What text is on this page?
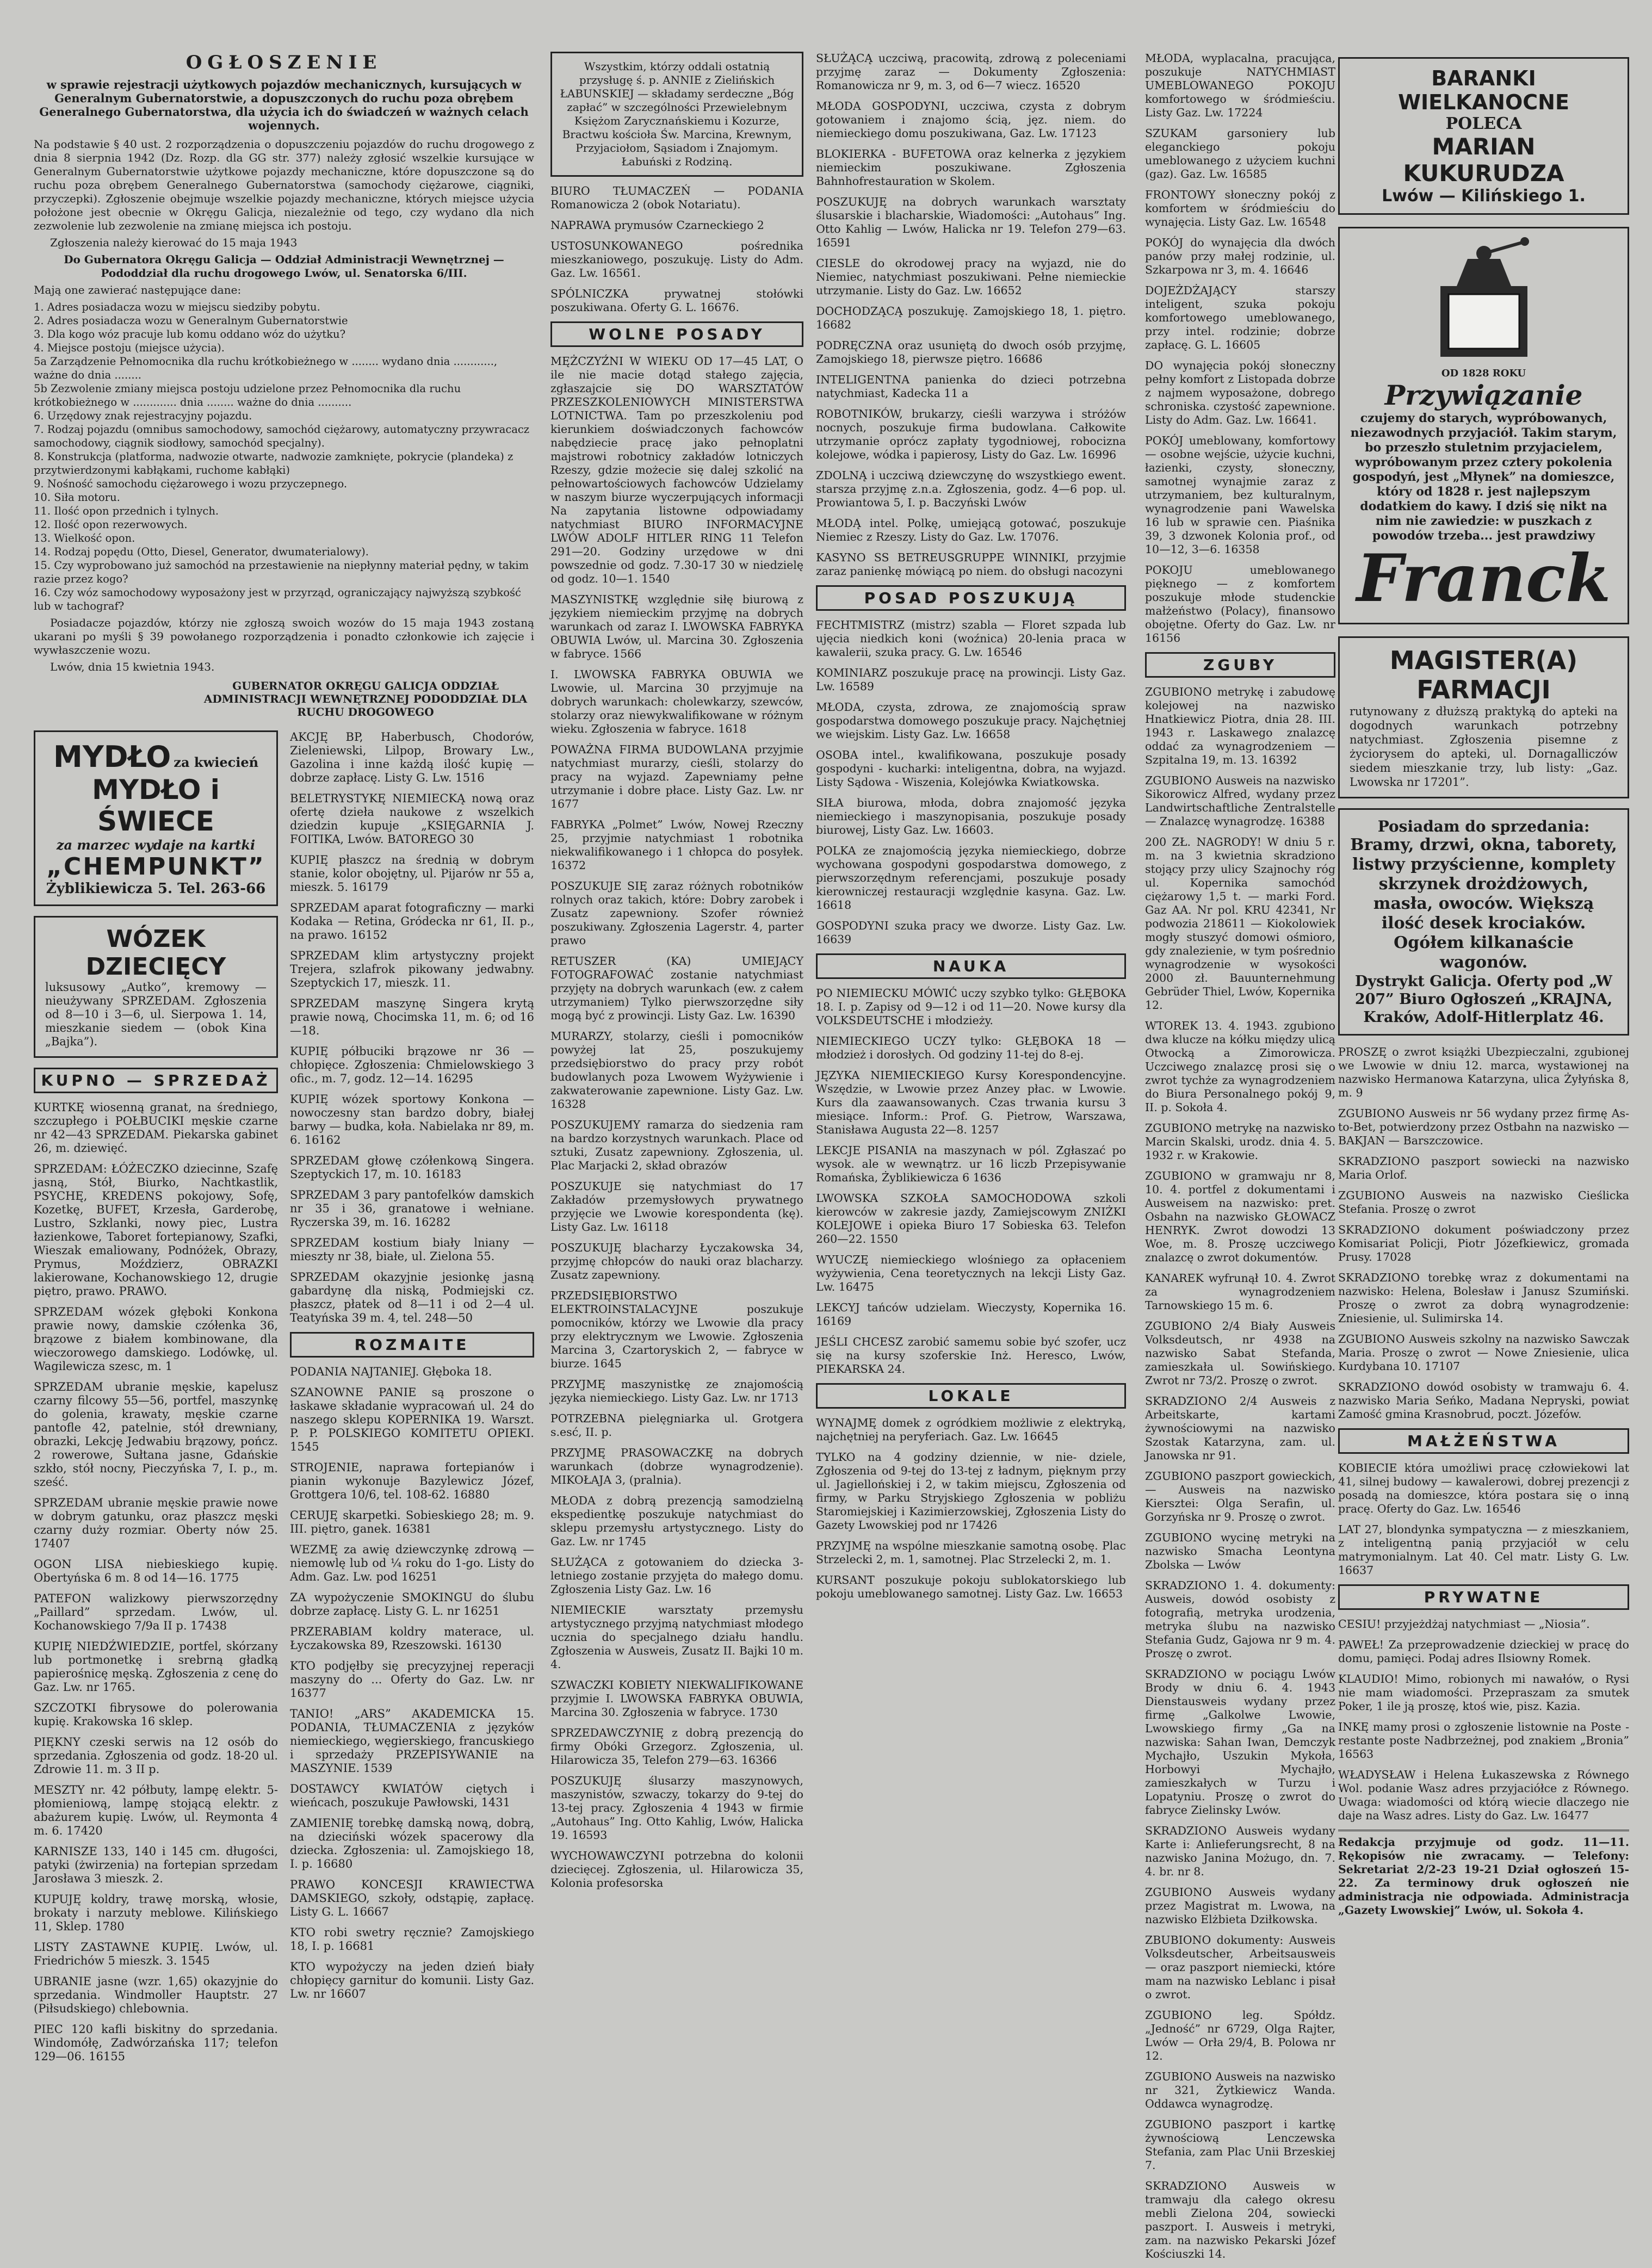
OGŁOSZENIE
w sprawie rejestracji użytkowych pojazdów mechanicznych, kursujących w Generalnym Gubernatorstwie, a dopuszczonych do ruchu poza obrębem Generalnego Gubernatorstwa, dla użycia ich do świadczeń w ważnych celach wojennych.

Na podstawie § 40 ust. 2 rozporządzenia o dopuszczeniu pojazdów do ruchu drogowego z dnia 8 sierpnia 1942 (Dz. Rozp. dla GG str. 377) należy zgłosić wszelkie kursujące w Generalnym Gubernatorstwie użytkowe pojazdy mechaniczne, które dopuszczone są do ruchu poza obrębem Generalnego Gubernatorstwa (samochody ciężarowe, ciągniki, przyczepki). Zgłoszenie obejmuje wszelkie pojazdy mechaniczne, których miejsce użycia położone jest obecnie w Okręgu Galicja, niezależnie od tego, czy wydano dla nich zezwolenie lub zezwolenie na zmianę miejsca ich postoju.

Zgłoszenia należy kierować do 15 maja 1943

Do Gubernatora Okręgu Galicja — Oddział Administracji Wewnętrznej — Pododdział dla ruchu drogowego Lwów, ul. Senatorska 6/III.

Mają one zawierać następujące dane:

1. Adres posiadacza wozu w miejscu siedziby pobytu.
2. Adres posiadacza wozu w Generalnym Gubernatorstwie
3. Dla kogo wóz pracuje lub komu oddano wóz do użytku?
4. Miejsce postoju (miejsce użycia).
5a Zarządzenie Pełnomocnika dla ruchu krótkobieżnego w ........ wydano dnia ............, ważne do dnia ........
5b Zezwolenie zmiany miejsca postoju udzielone przez Pełnomocnika dla ruchu krótkobieżnego w ............. dnia ........ ważne do dnia ..........
6. Urzędowy znak rejestracyjny pojazdu.
7. Rodzaj pojazdu (omnibus samochodowy, samochód ciężarowy, automatyczny przywracacz samochodowy, ciągnik siodłowy, samochód specjalny).
8. Konstrukcja (platforma, nadwozie otwarte, nadwozie zamknięte, pokrycie (plandeka) z przytwierdzonymi kabłąkami, ruchome kabłąki)
9. Nośność samochodu ciężarowego i wozu przyczepnego.
10. Siła motoru.
11. Ilość opon przednich i tylnych.
12. Ilość opon rezerwowych.
13. Wielkość opon.
14. Rodzaj popędu (Otto, Diesel, Generator, dwumaterialowy).
15. Czy wyprobowano już samochód na przestawienie na niepłynny materiał pędny, w takim razie przez kogo?
16. Czy wóz samochodowy wyposażony jest w przyrząd, ograniczający najwyższą szybkość lub w tachograf?

Posiadacze pojazdów, którzy nie zgłoszą swoich wozów do 15 maja 1943 zostaną ukarani po myśli § 39 powołanego rozporządzenia i ponadto członkowie ich zajęcie i wywłaszczenie wozu.

Lwów, dnia 15 kwietnia 1943.

GUBERNATOR OKRĘGU GALICJA ODDZIAŁ ADMINISTRACJI WEWNĘTRZNEJ PODODDZIAŁ DLA RUCHU DROGOWEGO
MYDŁO za kwiecień
MYDŁO i ŚWIECE
za marzec wydaje na kartki
„CHEMPUNKT”
Żyblikiewicza 5. Tel. 263-66
WÓZEK DZIECIĘCY
luksusowy „Autko”, kremowy — nieużywany SPRZEDAM. Zgłoszenia od 8—10 i 3—6, ul. Sierpowa 1. 14, mieszkanie siedem — (obok Kina „Bajka”).
KUPNO — SPRZEDAŻ
KURTKĘ wiosenną granat, na średniego, szczupłego i POŁBUCIKI męskie czarne nr 42—43 SPRZEDAM. Piekarska gabinet 26, m. dziewięć.
SPRZEDAM: ŁÓŻECZKO dziecinne, Szafę jasną, Stół, Biurko, Nachtkastlik, PSYCHĘ, KREDENS pokojowy, Sofę, Kozetkę, BUFET, Krzesła, Garderobę, Lustro, Szklanki, nowy piec, Lustra łazienkowe, Taboret fortepianowy, Szafki, Wieszak emaliowany, Podnóżek, Obrazy, Prymus, Moździerz, OBRAZKI lakierowane, Kochanowskiego 12, drugie piętro, prawo. PRAWO.
SPRZEDAM wózek głęboki Konkona prawie nowy, damskie czółenka 36, brązowe z białem kombinowane, dla wieczorowego damskiego. Lodówkę, ul. Wagilewicza szesc, m. 1
SPRZEDAM ubranie męskie, kapelusz czarny filcowy 55—56, portfel, maszynkę do golenia, krawaty, męskie czarne pantofle 42, patelnie, stół drewniany, obrazki, Lekcję Jedwabiu brązowy, pończ. 2 rowerowe, Sułtana jasne, Gdańskie szkło, stół nocny, Pieczyńska 7, I. p., m. sześć.
SPRZEDAM ubranie męskie prawie nowe w dobrym gatunku, oraz płaszcz męski czarny duży rozmiar. Oberty nów 25. 17407
OGON LISA niebieskiego kupię. Obertyńska 6 m. 8 od 14—16. 1775
PATEFON walizkowy pierwszorzędny „Paillard” sprzedam. Lwów, ul. Kochanowskiego 7/9a II p. 17438
KUPIĘ NIEDŹWIEDZIE, portfel, skórzany lub portmonetkę i srebrną gładką papierośnicę męską. Zgłoszenia z cenę do Gaz. Lw. nr 1765.
SZCZOTKI fibrysowe do polerowania kupię. Krakowska 16 sklep.
PIĘKNY czeski serwis na 12 osób do sprzedania. Zgłoszenia od godz. 18-20 ul. Zdrowie 11. m. 3 II p.
MESZTY nr. 42 półbuty, lampę elektr. 5-płomieniową, lampę stojącą elektr. z abażurem kupię. Lwów, ul. Reymonta 4 m. 6. 17420
KARNISZE 133, 140 i 145 cm. długości, patyki (żwirzenia) na fortepian sprzedam Jarosława 3 mieszk. 2.
KUPUJĘ koldry, trawę morską, włosie, brokaty i narzuty meblowe. Kilińskiego 11, Sklep. 1780
LISTY ZASTAWNE KUPIĘ. Lwów, ul. Friedrichów 5 mieszk. 3. 1545
UBRANIE jasne (wzr. 1,65) okazyjnie do sprzedania. Windmoller Hauptstr. 27 (Piłsudskiego) chlebownia.
PIEC 120 kafli biskitny do sprzedania. Windomółę, Zadwórzańska 117; telefon 129—06. 16155
AKCJĘ BP, Haberbusch, Chodorów, Zieleniewski, Lilpop, Browary Lw., Gazolina i inne każdą ilość kupię — dobrze zapłacę. Listy G. Lw. 1516
BELETRYSTYKĘ NIEMIECKĄ nową oraz ofertę dzieła naukowe z wszelkich dziedzin kupuje „KSIĘGARNIA J. FOITIKA, Lwów. BATOREGO 30
KUPIĘ płaszcz na średnią w dobrym stanie, kolor obojętny, ul. Pijarów nr 55 a, mieszk. 5. 16179
SPRZEDAM aparat fotograficzny — marki Kodaka — Retina, Gródecka nr 61, II. p., na prawo. 16152
SPRZEDAM klim artystyczny projekt Trejera, szlafrok pikowany jedwabny. Szeptyckich 17, mieszk. 11.
SPRZEDAM maszynę Singera krytą prawie nową, Chocimska 11, m. 6; od 16—18.
KUPIĘ półbuciki brązowe nr 36 — chłopięce. Zgłoszenia: Chmielowskiego 3 ofic., m. 7, godz. 12—14. 16295
KUPIĘ wózek sportowy Konkona — nowoczesny stan bardzo dobry, białej barwy — budka, koła. Nabielaka nr 89, m. 6. 16162
SPRZEDAM głowę czółenkową Singera. Szeptyckich 17, m. 10. 16183
SPRZEDAM 3 pary pantofelków damskich nr 35 i 36, granatowe i wełniane. Ryczerska 39, m. 16. 16282
SPRZEDAM kostium biały lniany — mieszty nr 38, białe, ul. Zielona 55.
SPRZEDAM okazyjnie jesionkę jasną gabardynę dla niską, Podmiejski cz. płaszcz, płatek od 8—11 i od 2—4 ul. Teatyńska 39 m. 4, tel. 248—50
ROZMAITE
PODANIA NAJTANIEJ. Głęboka 18.
SZANOWNE PANIE są proszone o łaskawe składanie wypracowań ul. 24 do naszego sklepu KOPERNIKA 19. Warszt. P. P. POLSKIEGO KOMITETU OPIEKI. 1545
STROJENIE, naprawa fortepianów i pianin wykonuje Bazylewicz Józef, Grottgera 10/6, tel. 108-62. 16880
CERUJĘ skarpetki. Sobieskiego 28; m. 9. III. piętro, ganek. 16381
WEZMĘ za awię dziewczynkę zdrową — niemowlę lub od ¼ roku do 1-go. Listy do Adm. Gaz. Lw. pod 16251
ZA wypożyczenie SMOKINGU do ślubu dobrze zapłacę. Listy G. L. nr 16251
PRZERABIAM koldry materace, ul. Łyczakowska 89, Rzeszowski. 16130
KTO podjęłby się precyzyjnej reperacji maszyny do ... Oferty do Gaz. Lw. nr 16377
TANIO! „ARS” AKADEMICKA 15. PODANIA, TŁUMACZENIA z języków niemieckiego, węgierskiego, francuskiego i sprzedaży PRZEPISYWANIE na MASZYNIE. 1539
DOSTAWCY KWIATÓW ciętych i wieńcach, poszukuje Pawłowski, 1431
ZAMIENIĘ torebkę damską nową, dobrą, na dzieciński wózek spacerowy dla dziecka. Zgłoszenia: ul. Zamojskiego 18, I. p. 16680
PRAWO KONCESJI KRAWIECTWA DAMSKIEGO, szkoły, odstąpię, zapłacę. Listy G. L. 16667
KTO robi swetry ręcznie? Zamojskiego 18, I. p. 16681
KTO wypożyczy na jeden dzień biały chłopięcy garnitur do komunii. Listy Gaz. Lw. nr 16607
Wszystkim, którzy oddali ostatnią przysługę ś. p. ANNIE z Zielińskich ŁABUNSKIEJ — składamy serdeczne „Bóg zapłać” w szczególności Przewielebnym Księżom Zarycznańskiemu i Kozurze, Bractwu kościoła Św. Marcina, Krewnym, Przyjaciołom, Sąsiadom i Znajomym. Łabuński z Rodziną.
BIURO TŁUMACZEŃ — PODANIA Romanowicza 2 (obok Notariatu).
NAPRAWA prymusów Czarneckiego 2
USTOSUNKOWANEGO pośrednika mieszkaniowego, poszukuję. Listy do Adm. Gaz. Lw. 16561.
SPÓLNICZKA prywatnej stołówki poszukiwana. Oferty G. L. 16676.
WOLNE POSADY
MĘŻCZYŹNI W WIEKU OD 17—45 LAT, O ile nie macie dotąd stałego zajęcia, zgłaszajcie się DO WARSZTATÓW PRZESZKOLENIOWYCH MINISTERSTWA LOTNICTWA. Tam po przeszkoleniu pod kierunkiem doświadczonych fachowców nabędziecie pracę jako pełnoplatni majstrowi robotnicy zakładów lotniczych Rzeszy, gdzie możecie się dalej szkolić na pełnowartościowych fachowców Udzielamy w naszym biurze wyczerpujących informacji Na zapytania listowne odpowiadamy natychmiast BIURO INFORMACYJNE LWÓW ADOLF HITLER RING 11 Telefon 291—20. Godziny urzędowe w dni powszednie od godz. 7.30-17 30 w niedzielę od godz. 10—1. 1540
MASZYNISTKĘ względnie siłę biurową z językiem niemieckim przyjmę na dobrych warunkach od zaraz I. LWOWSKA FABRYKA OBUWIA Lwów, ul. Marcina 30. Zgłoszenia w fabryce. 1566
I. LWOWSKA FABRYKA OBUWIA we Lwowie, ul. Marcina 30 przyjmuje na dobrych warunkach: cholewkarzy, szewców, stolarzy oraz niewykwalifikowane w różnym wieku. Zgłoszenia w fabryce. 1618
POWAŻNA FIRMA BUDOWLANA przyjmie natychmiast murarzy, cieśli, stolarzy do pracy na wyjazd. Zapewniamy pełne utrzymanie i dobre płace. Listy Gaz. Lw. nr 1677
FABRYKA „Polmet” Lwów, Nowej Rzeczny 25, przyjmie natychmiast 1 robotnika niekwalifikowanego i 1 chłopca do posyłek. 16372
POSZUKUJE SIĘ zaraz różnych robotników rolnych oraz takich, które: Dobry zarobek i Zusatz zapewniony. Szofer również poszukiwany. Zgłoszenia Lagerstr. 4, parter prawo
RETUSZER (KA) UMIEJĄCY FOTOGRAFOWAĆ zostanie natychmiast przyjęty na dobrych warunkach (ew. z całem utrzymaniem) Tylko pierwszorzędne siły mogą być z prowincji. Listy Gaz. Lw. 16390
MURARZY, stolarzy, cieśli i pomocników powyżej lat 25, poszukujemy przedsiębiorstwo do pracy przy robót budowlanych poza Lwowem Wyżywienie i zakwaterowanie zapewnione. Listy Gaz. Lw. 16328
POSZUKUJEMY ramarza do siedzenia ram na bardzo korzystnych warunkach. Place od sztuki, Zusatz zapewniony. Zgłoszenia, ul. Plac Marjacki 2, skład obrazów
POSZUKUJE się natychmiast do 17 Zakładów przemysłowych prywatnego przyjęcie we Lwowie korespondenta (kę). Listy Gaz. Lw. 16118
POSZUKUJĘ blacharzy Łyczakowska 34, przyjmę chłopców do nauki oraz blacharzy. Zusatz zapewniony.
PRZEDSIĘBIORSTWO ELEKTROINSTALACYJNE poszukuje pomocników, którzy we Lwowie dla pracy przy elektrycznym we Lwowie. Zgłoszenia Marcina 3, Czartoryskich 2, — fabryce w biurze. 1645
PRZYJMĘ maszynistkę ze znajomością języka niemieckiego. Listy Gaz. Lw. nr 1713
POTRZEBNA pielęgniarka ul. Grotgera s.esć, II. p.
PRZYJMĘ PRASOWACZKĘ na dobrych warunkach (dobrze wynagrodzenie). MIKOŁAJA 3, (pralnia).
MŁODA z dobrą prezencją samodzielną ekspedientkę poszukuje natychmiast do sklepu przemysłu artystycznego. Listy do Gaz. Lw. nr 1745
SŁUŻĄCA z gotowaniem do dziecka 3-letniego zostanie przyjęta do małego domu. Zgłoszenia Listy Gaz. Lw. 16
NIEMIECKIE warsztaty przemysłu artystycznego przyjmą natychmiast młodego ucznia do specjalnego działu handlu. Zgłoszenia w Ausweis, Zusatz II. Bajki 10 m. 4.
SZWACZKI KOBIETY NIEKWALIFIKOWANE przyjmie I. LWOWSKA FABRYKA OBUWIA, Marcina 30. Zgłoszenia w fabryce. 1730
SPRZEDAWCZYNIĘ z dobrą prezencją do firmy Obóki Grzegorz. Zgłoszenia, ul. Hilarowicza 35, Telefon 279—63. 16366
POSZUKUJĘ ślusarzy maszynowych, maszynistów, szwaczy, tokarzy do 9-tej do 13-tej pracy. Zgłoszenia 4 1943 w firmie „Autohaus” Ing. Otto Kahlig, Lwów, Halicka 19. 16593
WYCHOWAWCZYNI potrzebna do kolonii dziecięcej. Zgłoszenia, ul. Hilarowicza 35, Kolonia profesorska
SŁUŻĄCĄ uczciwą, pracowitą, zdrową z poleceniami przyjmę zaraz — Dokumenty Zgłoszenia: Romanowicza nr 9, m. 3, od 6—7 wiecz. 16520
MŁODA GOSPODYNI, uczciwa, czysta z dobrym gotowaniem i znajomo ścią, jęz. niem. do niemieckiego domu poszukiwana, Gaz. Lw. 17123
BLOKIERKA - BUFETOWA oraz kelnerka z językiem niemieckim poszukiwane. Zgłoszenia Bahnhofrestauration w Skolem.
POSZUKUJĘ na dobrych warunkach warsztaty ślusarskie i blacharskie, Wiadomości: „Autohaus” Ing. Otto Kahlig — Lwów, Halicka nr 19. Telefon 279—63. 16591
CIESLE do okrodowej pracy na wyjazd, nie do Niemiec, natychmiast poszukiwani. Pełne niemieckie utrzymanie. Listy do Gaz. Lw. 16652
DOCHODZĄCĄ poszukuję. Zamojskiego 18, 1. piętro. 16682
PODRĘCZNA oraz usuniętą do dwoch osób przyjmę, Zamojskiego 18, pierwsze piętro. 16686
INTELIGENTNA panienka do dzieci potrzebna natychmiast, Kadecka 11 a
ROBOTNIKÓW, brukarzy, cieśli warzywa i stróżów nocnych, poszukuje firma budowlana. Całkowite utrzymanie oprócz zapłaty tygodniowej, robocizna kolejowe, wódka i papierosy, Listy do Gaz. Lw. 16996
ZDOLNĄ i uczciwą dziewczynę do wszystkiego ewent. starsza przyjmę z.n.a. Zgłoszenia, godz. 4—6 pop. ul. Prowiantowa 5, I. p. Baczyński Lwów
MŁODĄ intel. Polkę, umiejącą gotować, poszukuje Niemiec z Rzeszy. Listy do Gaz. Lw. 17076.
KASYNO SS BETREUSGRUPPE WINNIKI, przyjmie zaraz panienkę mówiącą po niem. do obsługi nacozyni
POSAD POSZUKUJĄ
FECHTMISTRZ (mistrz) szabla — Floret szpada lub ujęcia niedkich koni (woźnica) 20-lenia praca w kawalerii, szuka pracy. G. Lw. 16546
KOMINIARZ poszukuje pracę na prowincji. Listy Gaz. Lw. 16589
MŁODA, czysta, zdrowa, ze znajomością spraw gospodarstwa domowego poszukuje pracy. Najchętniej we wiejskim. Listy Gaz. Lw. 16658
OSOBA intel., kwalifikowana, poszukuje posady gospodyni - kucharki: inteligentna, dobra, na wyjazd. Listy Sądowa - Wiszenia, Kolejówka Kwiatkowska.
SIŁA biurowa, młoda, dobra znajomość języka niemieckiego i maszynopisania, poszukuje posady biurowej, Listy Gaz. Lw. 16603.
POLKA ze znajomością języka niemieckiego, dobrze wychowana gospodyni gospodarstwa domowego, z pierwszorzędnym referencjami, poszukuje posady kierowniczej restauracji względnie kasyna. Gaz. Lw. 16618
GOSPODYNI szuka pracy we dworze. Listy Gaz. Lw. 16639
NAUKA
PO NIEMIECKU MÓWIĆ uczy szybko tylko: GŁĘBOKA 18. I. p. Zapisy od 9—12 i od 11—20. Nowe kursy dla VOLKSDEUTSCHE i młodzieży.
NIEMIECKIEGO UCZY tylko: GŁĘBOKA 18 — młodzież i dorosłych. Od godziny 11-tej do 8-ej.
JĘZYKA NIEMIECKIEGO Kursy Korespondencyjne. Wszędzie, w Lwowie przez Anzey płac. w Lwowie. Kurs dla zaawansowanych. Czas trwania kursu 3 miesiące. Inform.: Prof. G. Pietrow, Warszawa, Stanisława Augusta 22—8. 1257
LEKCJE PISANIA na maszynach w pól. Zgłaszać po wysok. ale w wewnątrz. ur 16 liczb Przepisywanie Romańska, Żyblikiewicza 6 1636
LWOWSKA SZKOŁA SAMOCHODOWA szkoli kierowców w zakresie jazdy, Zamiejscowym ZNIŻKI KOLEJOWE i opieka Biuro 17 Sobieska 63. Telefon 260—22. 1550
WYUCZĘ niemieckiego wlośniego za opłaceniem wyżywienia, Cena teoretycznych na lekcji Listy Gaz. Lw. 16475
LEKCYJ tańców udzielam. Wieczysty, Kopernika 16. 16169
JEŚLI CHCESZ zarobić samemu sobie być szofer, ucz się na kursy szoferskie Inż. Heresco, Lwów, PIEKARSKA 24.
LOKALE
WYNAJMĘ domek z ogródkiem możliwie z elektryką, najchętniej na peryferiach. Gaz. Lw. 16645
TYLKO na 4 godziny dziennie, w nie- dziele, Zgłoszenia od 9-tej do 13-tej z ładnym, pięknym przy ul. Jagiellońskiej i 2, w takim miejscu, Zgłoszenia od firmy, w Parku Stryjskiego Zgłoszenia w pobliżu Staromiejskiej i Kazimierzowskiej, Zgłoszenia Listy do Gazety Lwowskiej pod nr 17426
PRZYJMĘ na wspólne mieszkanie samotną osobę. Plac Strzelecki 2, m. 1, samotnej. Plac Strzelecki 2, m. 1.
KURSANT poszukuje pokoju sublokatorskiego lub pokoju umeblowanego samotnej. Listy Gaz. Lw. 16653
MŁODA, wyplacalna, pracująca, poszukuje NATYCHMIAST UMEBLOWANEGO POKOJU komfortowego w śródmieściu. Listy Gaz. Lw. 17224
SZUKAM garsoniery lub eleganckiego pokoju umeblowanego z użyciem kuchni (gaz). Gaz. Lw. 16585
FRONTOWY słoneczny pokój z komfortem w śródmieściu do wynajęcia. Listy Gaz. Lw. 16548
POKÓJ do wynajęcia dla dwóch panów przy małej rodzinie, ul. Szkarpowa nr 3, m. 4. 16646
DOJEŻDŻAJĄCY starszy inteligent, szuka pokoju komfortowego umeblowanego, przy intel. rodzinie; dobrze zapłacę. G. L. 16605
DO wynajęcia pokój słoneczny pełny komfort z Listopada dobrze z najmem wyposażone, dobrego schroniska. czystość zapewnione. Listy do Adm. Gaz. Lw. 16641.
POKÓJ umeblowany, komfortowy — osobne wejście, użycie kuchni, łazienki, czysty, słoneczny, samotnej wynajmie zaraz z utrzymaniem, bez kulturalnym, wynagrodzenie pani Wawelska 16 lub w sprawie cen. Piaśnika 39, 3 dzwonek Kolonia prof., od 10—12, 3—6. 16358
POKOJU umeblowanego pięknego — z komfortem poszukuje młode studenckie małżeństwo (Polacy), finansowo obojętne. Oferty do Gaz. Lw. nr 16156
ZGUBY
ZGUBIONO metrykę i zabudowę kolejowej na nazwisko Hnatkiewicz Piotra, dnia 28. III. 1943 r. Laskawego znalazcę oddać za wynagrodzeniem — Szpitalna 19, m. 13. 16392
ZGUBIONO Ausweis na nazwisko Sikorowicz Alfred, wydany przez Landwirtschaftliche Zentralstelle — Znalazcę wynagrodzę. 16388
200 ZŁ. NAGRODY! W dniu 5 r. m. na 3 kwietnia skradziono stojący przy ulicy Szajnochy róg ul. Kopernika samochód ciężarowy 1,5 t. — marki Ford. Gaz AA. Nr pol. KRU 42341, Nr podwozia 218611 — Kiokolowiek mogły stuszyć domowi ośmioro, gdy znalezienie, w tym pośrednio wynagrodzenie w wysokości 2000 zł. Bauunternehmung Gebrüder Thiel, Lwów, Kopernika 12.
WTOREK 13. 4. 1943. zgubiono dwa klucze na kółku między ulicą Otwocką a Zimorowicza. Uczciwego znalazcę prosi się o zwrot tychże za wynagrodzeniem do Biura Personalnego pokój 9, II. p. Sokoła 4.
ZGUBIONO metrykę na nazwisko Marcin Skalski, urodz. dnia 4. 5. 1932 r. w Krakowie.
ZGUBIONO w gramwaju nr 8, 10. 4. portfel z dokumentami i Ausweisem na nazwisko: pret. Osbahn na nazwisko GŁOWACZ HENRYK. Zwrot dowodzi 13 Woe, m. 8. Proszę uczciwego znalazcę o zwrot dokumentów.
KANAREK wyfrunął 10. 4. Zwrot za wynagrodzeniem Tarnowskiego 15 m. 6.
ZGUBIONO 2/4 Biały Ausweis Volksdeutsch, nr 4938 na nazwisko Sabat Stefanda, zamieszkała ul. Sowińskiego. Zwrot nr 73/2. Proszę o zwrot.
SKRADZIONO 2/4 Ausweis z Arbeitskarte, kartami żywnościowymi na nazwisko Szostak Katarzyna, zam. ul. Janowska nr 91.
ZGUBIONO paszport gowieckich, — Ausweis na nazwisko Kiersztei: Olga Serafin, ul. Gorzyńska nr 9. Proszę o zwrot.
ZGUBIONO wycinę metryki na nazwisko Smacha Leontyna Zbolska — Lwów
SKRADZIONO 1. 4. dokumenty: Ausweis, dowód osobisty z fotografią, metryka urodzenia, metryka ślubu na nazwisko Stefania Gudz, Gajowa nr 9 m. 4. Proszę o zwrot.
SKRADZIONO w pociągu Lwów Brody w dniu 6. 4. 1943 Dienstausweis wydany przez firmę „Galkolwe Lwowie, Lwowskiego firmy „Ga na nazwiska: Sahan Iwan, Demczyk Mychajło, Uszukin Mykoła, Horbowyi Mychajło, zamieszkałych w Turzu i Lopatyniu. Proszę o zwrot do fabryce Zielinsky Lwów.
SKRADZIONO Ausweis wydany Karte i: Anlieferungsrecht, 8 na nazwisko Janina Możugo, dn. 7. 4. br. nr 8.
ZGUBIONO Ausweis wydany przez Magistrat m. Lwowa, na nazwisko Elżbieta Dziłkowska.
ZBUBIONO dokumenty: Ausweis Volksdeutscher, Arbeitsausweis — oraz paszport niemiecki, które mam na nazwisko Leblanc i pisał o zwrot.
ZGUBIONO leg. Spółdz. „Jedność” nr 6729, Olga Rajter, Lwów — Orła 29/4, B. Polowa nr 12.
ZGUBIONO Ausweis na nazwisko nr 321, Żytkiewicz Wanda. Oddawca wynagrodzę.
ZGUBIONO paszport i kartkę żywnościową Lenczewska Stefania, zam Plac Unii Brzeskiej 7.
SKRADZIONO Ausweis w tramwaju dla całego okresu mebli Zielona 204, sowiecki paszport. I. Ausweis i metryki, zam. na nazwisko Pekarski Józef Kościuszki 14.
BARANKI WIELKANOCNE
POLECA
MARIAN KUKURUDZA
Lwów — Kilińskiego 1.
OD 1828 ROKU
Przywiązanie
czujemy do starych, wypróbowanych, niezawodnych przyjaciół. Takim starym, bo przeszło stuletnim przyjacielem, wypróbowanym przez cztery pokolenia gospodyń, jest „Młynek” na domieszce, który od 1828 r. jest najlepszym dodatkiem do kawy. I dziś się nikt na nim nie zawiedzie: w puszkach z powodów trzeba... jest prawdziwy
Franck
MAGISTER(A) FARMACJI
rutynowany z dłuższą praktyką do apteki na dogodnych warunkach potrzebny natychmiast. Zgłoszenia pisemne z życiorysem do apteki, ul. Dornagalliczów siedem mieszkanie trzy, lub listy: „Gaz. Lwowska nr 17201”.
Posiadam do sprzedania:
Bramy, drzwi, okna, taborety, listwy przyścienne, komplety skrzynek drożdżowych, masła, owoców. Większą ilość desek krociaków. Ogółem kilkanaście wagonów.
Dystrykt Galicja. Oferty pod „W 207” Biuro Ogłoszeń „KRAJNA, Kraków, Adolf-Hitlerplatz 46.
PROSZĘ o zwrot książki Ubezpieczalni, zgubionej we Lwowie w dniu 12. marca, wystawionej na nazwisko Hermanowa Katarzyna, ulica Żyłyńska 8, m. 9
ZGUBIONO Ausweis nr 56 wydany przez firmę As-to-Bet, potwierdzony przez Ostbahn na nazwisko — BAKJAN — Barszczowice.
SKRADZIONO paszport sowiecki na nazwisko Maria Orlof.
ZGUBIONO Ausweis na nazwisko Cieślicka Stefania. Proszę o zwrot
SKRADZIONO dokument poświadczony przez Komisariat Policji, Piotr Józefkiewicz, gromada Prusy. 17028
SKRADZIONO torebkę wraz z dokumentami na nazwisko: Helena, Bolesław i Janusz Szumiński. Proszę o zwrot za dobrą wynagrodzenie: Zniesienie, ul. Sulimirska 14.
ZGUBIONO Ausweis szkolny na nazwisko Sawczak Maria. Proszę o zwrot — Nowe Zniesienie, ulica Kurdybana 10. 17107
SKRADZIONO dowód osobisty w tramwaju 6. 4. nazwisko Maria Seńko, Madana Nepryski, powiat Zamość gmina Krasnobrud, poczt. Józefów.
MAŁŻEŃSTWA
KOBIECIE która umożliwi pracę człowiekowi lat 41, silnej budowy — kawalerowi, dobrej prezencji z posadą na domieszce, która postara się o inną pracę. Oferty do Gaz. Lw. 16546
LAT 27, blondynka sympatyczna — z mieszkaniem, z inteligentną panią przyjaciół w celu matrymonialnym. Lat 40. Cel matr. Listy G. Lw. 16637
PRYWATNE
CESIU! przyjeżdżaj natychmiast — „Niosia”.
PAWEŁ! Za przeprowadzenie dzieckiej w pracę do domu, pamięci. Podaj adres Ilsiowny Romek.
KLAUDIO! Mimo, robionych mi nawałów, o Rysi nie mam wiadomości. Przepraszam za smutek Poker, 1 ile ją proszę, ktoś wie, pisz. Kazia.
INKĘ mamy prosi o zgłoszenie listownie na Poste - restante poste Nadbrzeżnej, pod znakiem „Bronia” 16563
WŁADYSŁAW i Helena Łukaszewska z Równego Wol. podanie Wasz adres przyjaciółce z Równego. Uwaga: wiadomości od którą wiecie dlaczego nie daje na Wasz adres. Listy do Gaz. Lw. 16477
Redakcja przyjmuje od godz. 11—11. Rękopisów nie zwracamy. — Telefony: Sekretariat 2/2-23 19-21 Dział ogłoszeń 15-22. Za terminowy druk ogłoszeń nie administracja nie odpowiada. Administracja „Gazety Lwowskiej” Lwów, ul. Sokoła 4.
